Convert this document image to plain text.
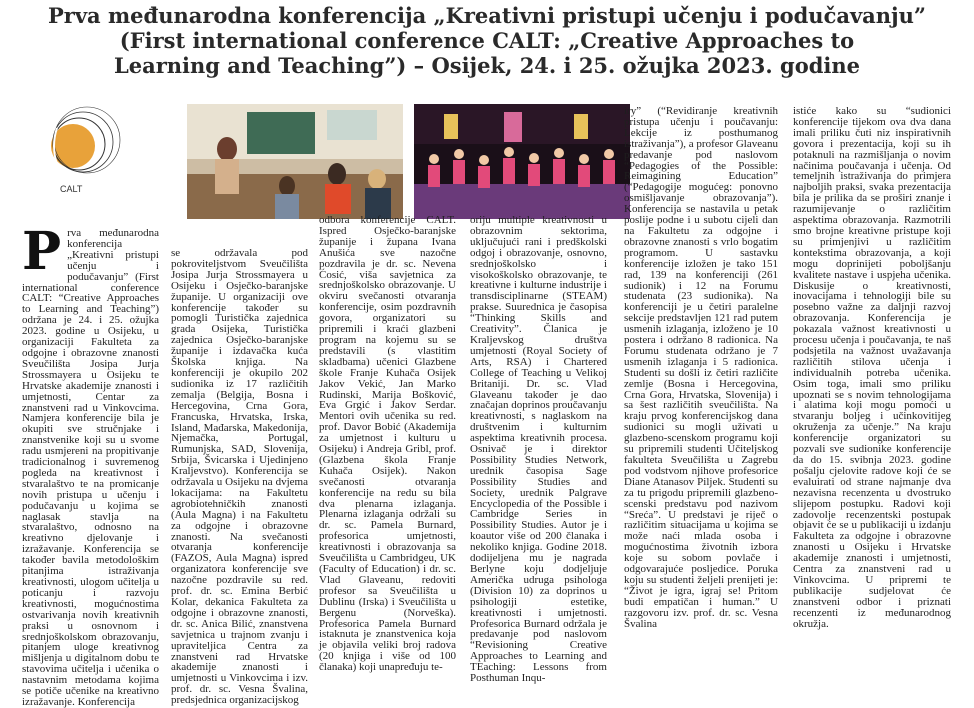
Prva međunarodna konferencija „Kreativni pristupi učenju i podučavanju”
(First international conference CALT: „Creative Approaches to
Learning and Teaching”) – Osijek, 24. i 25. ožujka 2023. godine
CALT
P rva međunarodna konferencija „Kreativni pristupi učenju i podučavanju” (First international conference CALT: “Creative Approaches to Learning and Teaching”) održana je 24. i 25. ožujka 2023. godine u Osijeku, u organizaciji Fakulteta za odgojne i obrazovne znanosti Sveučilišta Josipa Jurja Strossmayera u Osijeku te Hrvatske akademije znanosti i umjetnosti, Centar za znanstveni rad u Vinkovcima. Namjera konferencije bila je okupiti sve stručnjake i znanstvenike koji su u svome radu usmjereni na propitivanje tradicionalnog i suvremenog pogleda na kreativnost i stvaralaštvo te na promicanje novih pristupa u učenju i podučavanju u kojima se naglasak stavlja na stvaralaštvo, odnosno na kreativno djelovanje i izražavanje. Konferencija se također bavila metodološkim pitanjima istraživanja kreativnosti, ulogom učitelja u poticanju i razvoju kreativnosti, mogućnostima ostvarivanja novih kreativnih praksi u osnovnom i srednjoškolskom obrazovanju, pitanjem uloge kreativnog mišljenja u digitalnom dobu te stavovima učitelja i učenika o nastavnim metodama kojima se potiče učenike na kreativno izražavanje. Konferencija

se održavala pod pokroviteljstvom Sveučilišta Josipa Jurja Strossmayera u Osijeku i Osječko-baranjske županije. U organizaciji ove konferencije također su pomogli Turistička zajednica grada Osijeka, Turistička zajednica Osječko-baranjske županije i izdavačka kuća Školska knjiga. Na konferenciji je okupilo 202 sudionika iz 17 različitih zemalja (Belgija, Bosna i Hercegovina, Crna Gora, Francuska, Hrvatska, Irska, Island, Mađarska, Makedonija, Njemačka, Portugal, Rumunjska, SAD, Slovenija, Srbija, Švicarska i Ujedinjeno Kraljevstvo). Konferencija se održavala u Osijeku na dvjema lokacijama: na Fakultetu agrobiotehničkih znanosti (Aula Magna) i na Fakultetu za odgojne i obrazovne znanosti. Na svečanosti otvaranja konferencije (FAZOS, Aula Magna) ispred organizatora konferencije sve nazočne pozdravile su red. prof. dr. sc. Emina Berbić Kolar, dekanica Fakulteta za odgojne i obrazovne znanosti, dr. sc. Anica Bilić, znanstvena savjetnica u trajnom zvanju i upraviteljica Centra za znanstveni rad Hrvatske akademije znanosti i umjetnosti u Vinkovcima i izv. prof. dr. sc. Vesna Švalina, predsjednica organizacijskog

odbora konferencije CALT. Ispred Osječko-baranjske županije i župana Ivana Anušića sve nazočne pozdravila je dr. sc. Nevena Ćosić, viša savjetnica za srednjoškolsko obrazovanje. U okviru svečanosti otvaranja konferencije, osim pozdravnih govora, organizatori su pripremili i kraći glazbeni program na kojemu su se predstavili (s vlastitim skladbama) učenici Glazbene škole Franje Kuhača Osijek Jakov Vekić, Jan Marko Rudinski, Marija Bošković, Eva Grgić i Jakov Serdar. Mentori ovih učenika su red. prof. Davor Bobić (Akademija za umjetnost i kulturu u Osijeku) i Andreja Gribl, prof. (Glazbena škola Franje Kuhača Osijek). Nakon svečanosti otvaranja konferencije na redu su bila dva plenarna izlaganja. Plenarna izlaganja održali su dr. sc. Pamela Burnard, profesorica umjetnosti, kreativnosti i obrazovanja sa Sveučilišta u Cambridgeu, UK (Faculty of Education) i dr. sc. Vlad Glaveanu, redoviti profesor sa Sveučilišta u Dublinu (Irska) i Sveučilišta u Bergenu (Norveška). Profesorica Pamela Burnard istaknuta je znanstvenica koja je objavila veliki broj radova (20 knjiga i više od 100 članaka) koji unapređuju te-

oriju multiple kreativnosti u obrazovnim sektorima, uključujući rani i predškolski odgoj i obrazovanje, osnovno, srednjoškolsko i visokoškolsko obrazovanje, te kreativne i kulturne industrije i transdisciplinarne (STEAM) prakse. Suurednica je časopisa “Thinking Skills and Creativity”. Članica je Kraljevskog društva umjetnosti (Royal Society of Arts, RSA) i Chartered College of Teaching u Velikoj Britaniji. Dr. sc. Vlad Glaveanu također je dao značajan doprinos proučavanju kreativnosti, s naglaskom na društvenim i kulturnim aspektima kreativnih procesa. Osnivač je i direktor Possibility Studies Network, urednik časopisa Sage Possibility Studies and Society, urednik Palgrave Encyclopedia of the Possible i Cambridge Series in Possibility Studies. Autor je i koautor više od 200 članaka i nekoliko knjiga. Godine 2018. dodijeljena mu je nagrada Berlyne koju dodjeljuje Američka udruga psihologa (Division 10) za doprinos u psihologiji estetike, kreativnosti i umjetnosti. Profesorica Burnard održala je predavanje pod naslovom “Revisioning Creative Approaches to Learning and TEaching: Lessons from Posthuman Inqu-

iry” (“Revidiranje kreativnih pristupa učenju i poučavanju: Lekcije iz posthumanog istraživanja”), a profesor Glaveanu predavanje pod naslovom “Pedagogies of the Possible: Reimagining Education” (“Pedagogije mogućeg: ponovno osmišljavanje obrazovanja”). Konferencija se nastavila u petak poslije podne i u subotu cijeli dan na Fakultetu za odgojne i obrazovne znanosti s vrlo bogatim programom. U sastavku konferencije izložen je tako 151 rad, 139 na konferenciji (261 sudionik) i 12 na Forumu studenata (23 sudionika). Na konferenciji je u četiri paralelne sekcije predstavljen 121 rad putem usmenih izlaganja, izloženo je 10 postera i održano 8 radionica. Na Forumu studenata održano je 7 usmenih izlaganja i 5 radionica. Studenti su došli iz četiri različite zemlje (Bosna i Hercegovina, Crna Gora, Hrvatska, Slovenija) i sa šest različitih sveučilišta. Na kraju prvog konferencijskog dana sudionici su mogli uživati u glazbeno-scenskom programu koji su pripremili studenti Učiteljskog fakulteta Sveučilišta u Zagrebu pod vodstvom njihove profesorice Diane Atanasov Piljek. Studenti su za tu prigodu pripremili glazbeno-scenski predstavu pod nazivom “Sreća”. U predstavi je riječ o različitim situacijama u kojima se može naći mlada osoba i mogućnostima životnih izbora koje su sobom povlače i odgovarajuće posljedice. Poruka koju su studenti željeli prenijeti je: “Život je igra, igraj se! Pritom budi empatičan i human.” U razgovoru izv. prof. dr. sc. Vesna Švalina

istiće kako su “sudionici konferencije tijekom ova dva dana imali priliku čuti niz inspirativnih govora i prezentacija, koji su ih potaknuli na razmišljanja o novim načinima poučavanja i učenja. Od temeljnih istraživanja do primjera najboljih praksi, svaka prezentacija bila je prilika da se proširi znanje i razumijevanje o različitim aspektima obrazovanja. Razmotrili smo brojne kreativne pristupe koji su primjenjivi u različitim kontekstima obrazovanja, a koji mogu doprinijeti poboljšanju kvalitete nastave i uspjeha učenika. Diskusije o kreativnosti, inovacijama i tehnologiji bile su posebno važne za daljnji razvoj obrazovanja. Konferencija je pokazala važnost kreativnosti u procesu učenja i poučavanja, te naš podsjetila na važnost uvažavanja različitih stilova učenja i individualnih potreba učenika. Osim toga, imali smo priliku upoznati se s novim tehnologijama i alatima koji mogu pomoći u stvaranju boljeg i učinkovitijeg okruženja za učenje.” Na kraju konferencije organizatori su pozvali sve sudionike konferencije da do 15. svibnja 2023. godine pošalju cjelovite radove koji će se evaluirati od strane najmanje dva nezavisna recenzenta u dvostruko slijepom postupku. Radovi koji zadovolje recenzentski postupak objavit će se u publikaciji u izdanju Fakulteta za odgojne i obrazovne znanosti u Osijeku i Hrvatske akademije znanosti i umjetnosti, Centra za znanstveni rad u Vinkovcima. U pripremi te publikacije sudjelovat će znanstveni odbor i priznati recenzenti iz međunarodnog okružja.
